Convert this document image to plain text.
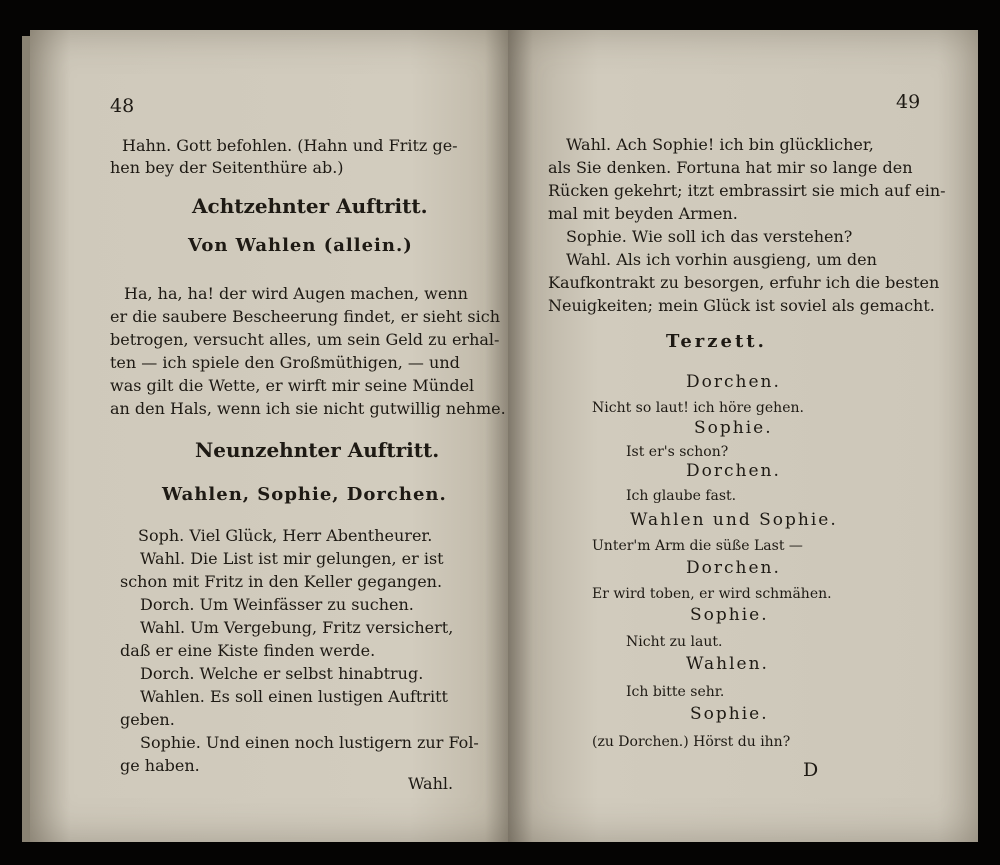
48
Hahn. Gott befohlen. (Hahn und Fritz ge-
hen bey der Seitenthüre ab.)
Achtzehnter Auftritt.
Von Wahlen (allein.)
Ha, ha, ha! der wird Augen machen, wenn
er die saubere Bescheerung findet, er sieht sich
betrogen, versucht alles, um sein Geld zu erhal-
ten — ich spiele den Großmüthigen, — und
was gilt die Wette, er wirft mir seine Mündel
an den Hals, wenn ich sie nicht gutwillig nehme.
Neunzehnter Auftritt.
Wahlen, Sophie, Dorchen.
Soph. Viel Glück, Herr Abentheurer.
Wahl. Die List ist mir gelungen, er ist
schon mit Fritz in den Keller gegangen.
Dorch. Um Weinfässer zu suchen.
Wahl. Um Vergebung, Fritz versichert,
daß er eine Kiste finden werde.
Dorch. Welche er selbst hinabtrug.
Wahlen. Es soll einen lustigen Auftritt
geben.
Sophie. Und einen noch lustigern zur Fol-
ge haben.
Wahl.
49
Wahl. Ach Sophie! ich bin glücklicher,
als Sie denken. Fortuna hat mir so lange den
Rücken gekehrt; itzt embrassirt sie mich auf ein-
mal mit beyden Armen.
Sophie. Wie soll ich das verstehen?
Wahl. Als ich vorhin ausgieng, um den
Kaufkontrakt zu besorgen, erfuhr ich die besten
Neuigkeiten; mein Glück ist soviel als gemacht.
Terzett.
Dorchen.
Nicht so laut! ich höre gehen.
Sophie.
Ist er's schon?
Dorchen.
Ich glaube fast.
Wahlen und Sophie.
Unter'm Arm die süße Last —
Dorchen.
Er wird toben, er wird schmähen.
Sophie.
Nicht zu laut.
Wahlen.
Ich bitte sehr.
Sophie.
(zu Dorchen.) Hörst du ihn?
D
